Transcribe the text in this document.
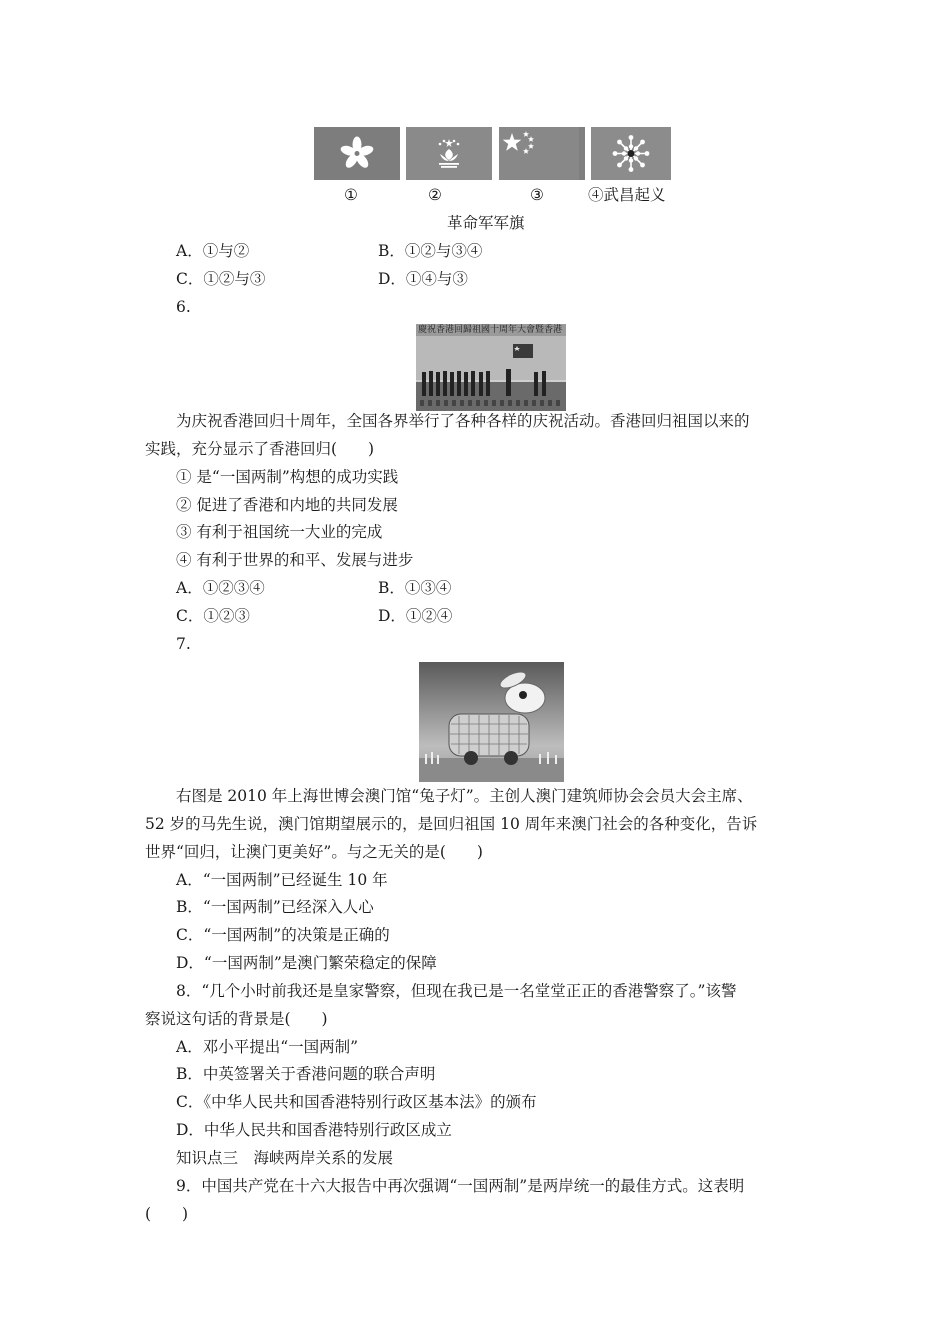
①	②	③	④武昌起义
革命军军旗
A．①与②	B．①②与③④
C．①②与③	D．①④与③
6.
慶祝香港回歸祖國十周年大會暨香港
为庆祝香港回归十周年，全国各界举行了各种各样的庆祝活动。香港回归祖国以来的
实践，充分显示了香港回归(　　)
① 是“一国两制”构想的成功实践
② 促进了香港和内地的共同发展
③ 有利于祖国统一大业的完成
④ 有利于世界的和平、发展与进步
A．①②③④	B．①③④
C．①②③	D．①②④
7.
右图是 2010 年上海世博会澳门馆“兔子灯”。主创人澳门建筑师协会会员大会主席、
52 岁的马先生说，澳门馆期望展示的，是回归祖国 10 周年来澳门社会的各种变化，告诉
世界“回归，让澳门更美好”。与之无关的是(　　)
A．“一国两制”已经诞生 10 年
B．“一国两制”已经深入人心
C．“一国两制”的决策是正确的
D．“一国两制”是澳门繁荣稳定的保障
8．“几个小时前我还是皇家警察，但现在我已是一名堂堂正正的香港警察了。”该警
察说这句话的背景是(　　)
A．邓小平提出“一国两制”
B．中英签署关于香港问题的联合声明
C．《中华人民共和国香港特别行政区基本法》的颁布
D．中华人民共和国香港特别行政区成立
知识点三　海峡两岸关系的发展
9．中国共产党在十六大报告中再次强调“一国两制”是两岸统一的最佳方式。这表明
(　　)
